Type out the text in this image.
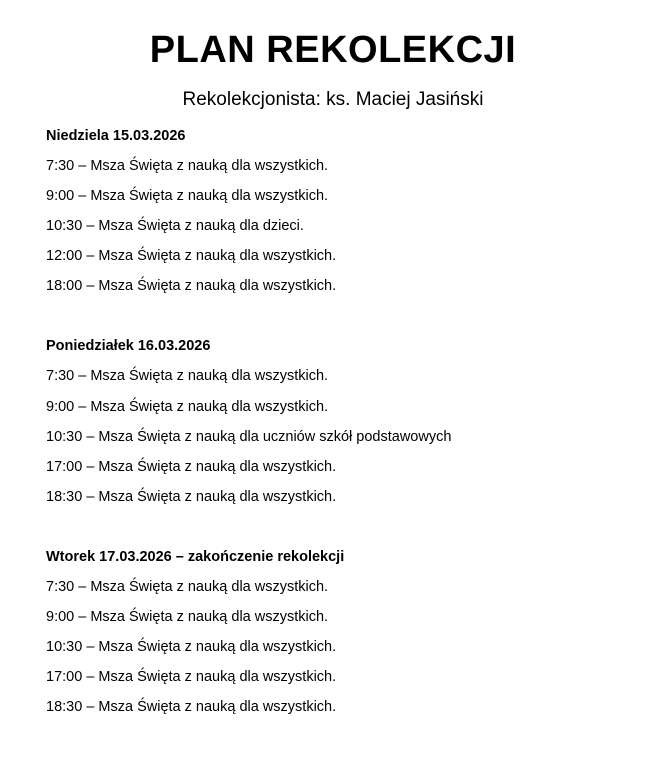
PLAN REKOLEKCJI
Rekolekcjonista: ks. Maciej Jasiński
Niedziela 15.03.2026
7:30 – Msza Święta z nauką dla wszystkich.
9:00 – Msza Święta z nauką dla wszystkich.
10:30 – Msza Święta z nauką dla dzieci.
12:00 – Msza Święta z nauką dla wszystkich.
18:00 – Msza Święta z nauką dla wszystkich.
Poniedziałek 16.03.2026
7:30 – Msza Święta z nauką dla wszystkich.
9:00 – Msza Święta z nauką dla wszystkich.
10:30 – Msza Święta z nauką dla uczniów szkół podstawowych
17:00 – Msza Święta z nauką dla wszystkich.
18:30 – Msza Święta z nauką dla wszystkich.
Wtorek 17.03.2026 – zakończenie rekolekcji
7:30 – Msza Święta z nauką dla wszystkich.
9:00 – Msza Święta z nauką dla wszystkich.
10:30 – Msza Święta z nauką dla wszystkich.
17:00 – Msza Święta z nauką dla wszystkich.
18:30 – Msza Święta z nauką dla wszystkich.
